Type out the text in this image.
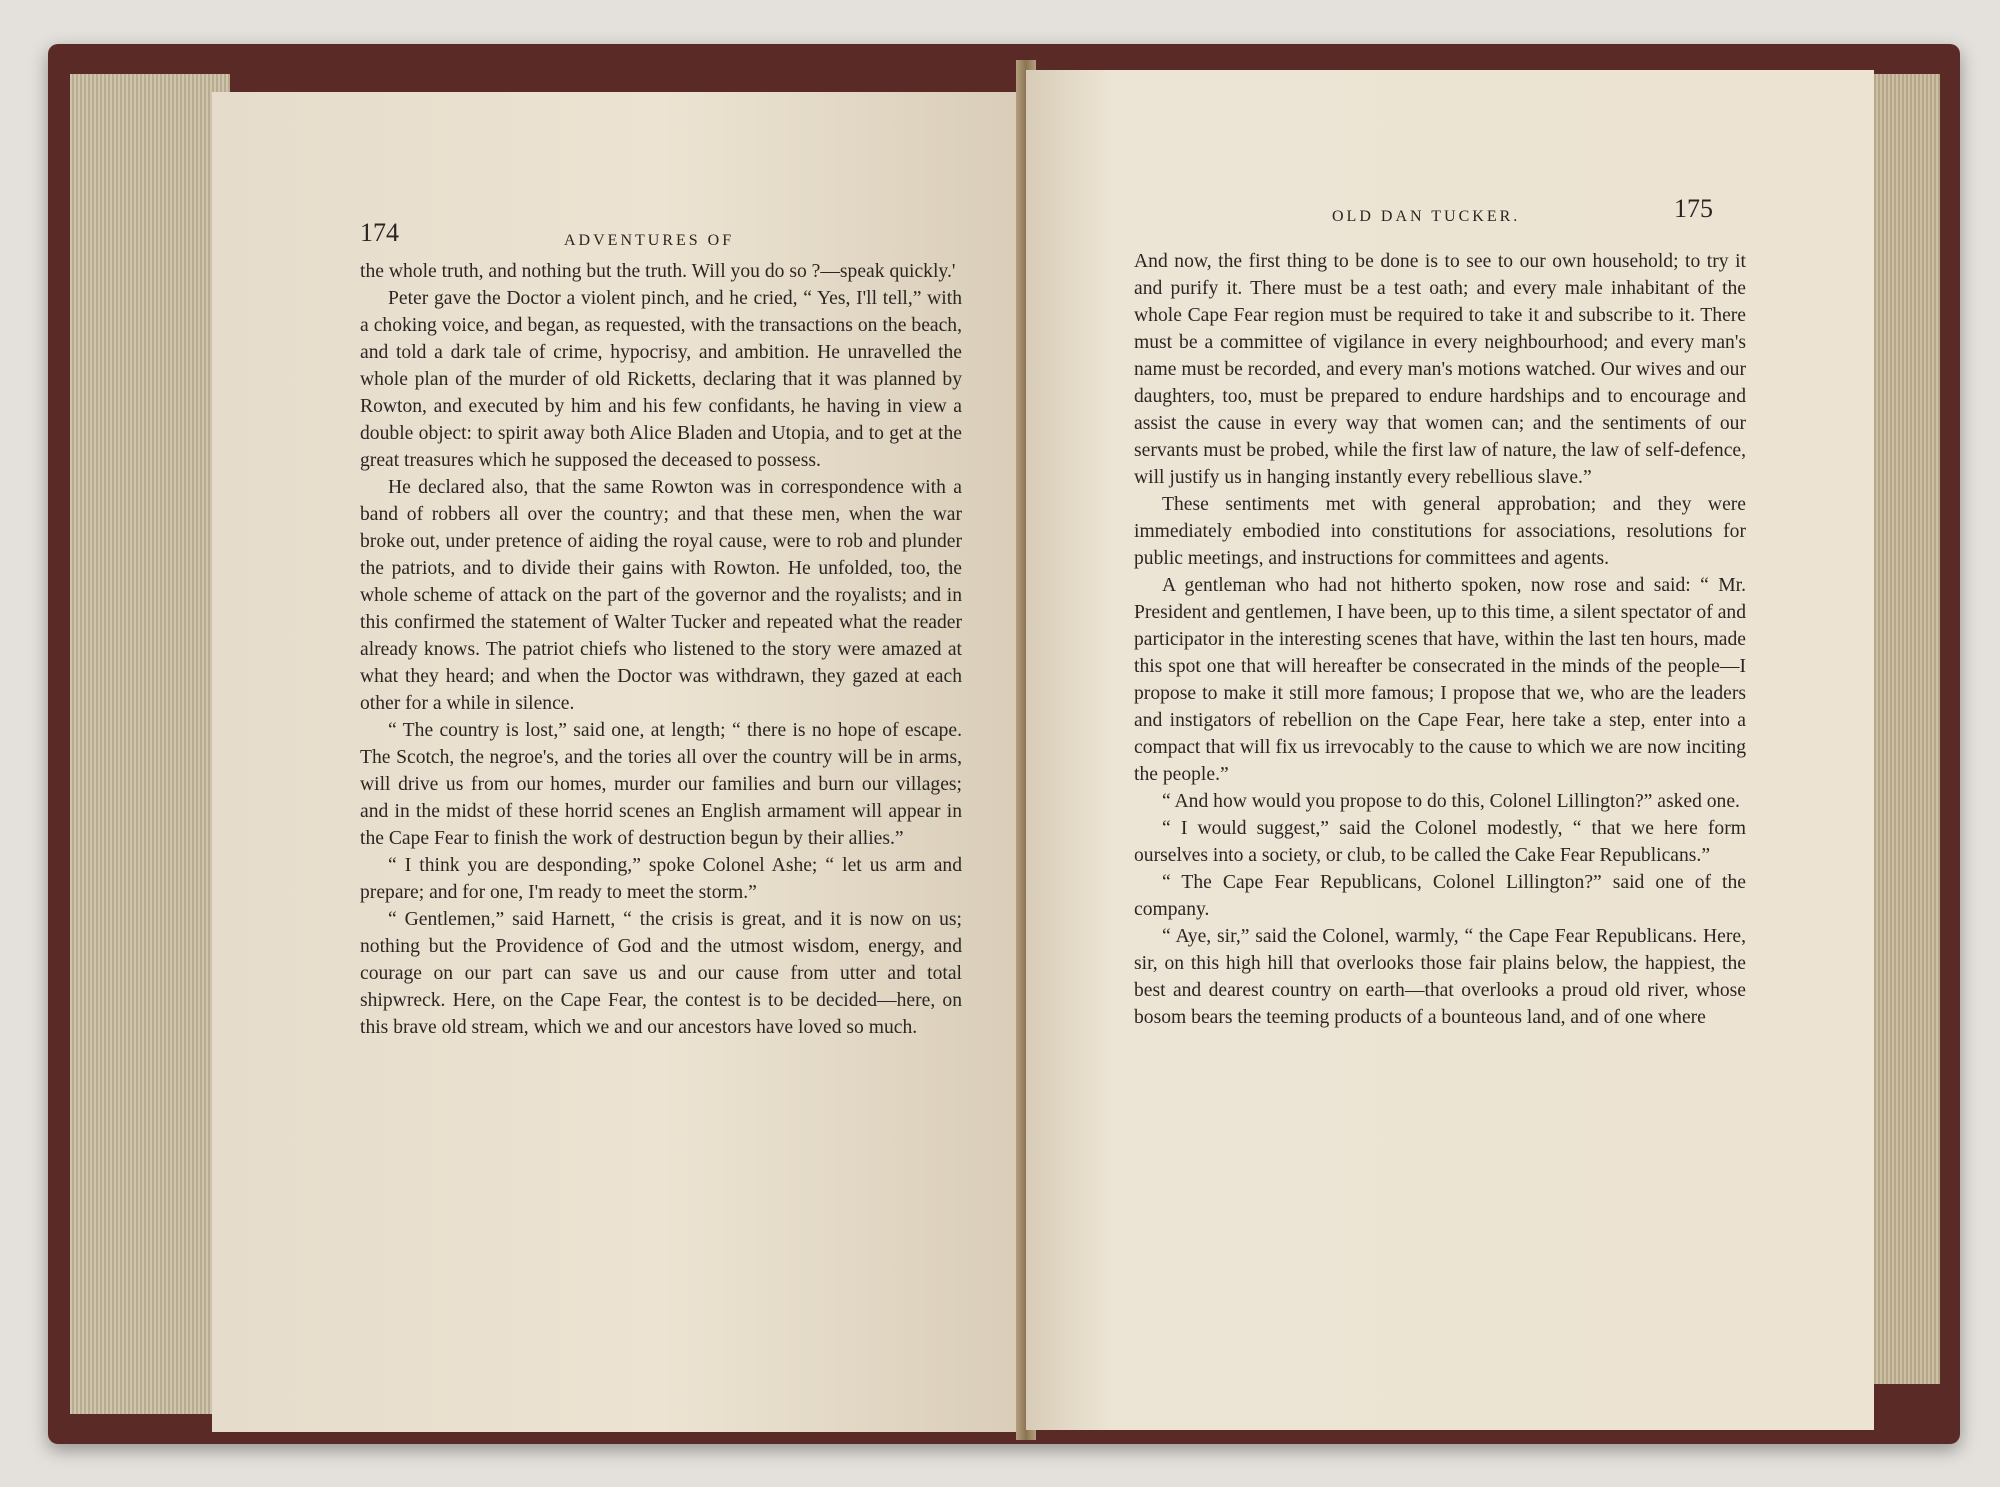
174	ADVENTURES OF

the whole truth, and nothing but the truth. Will you do so ?—speak quickly.'

Peter gave the Doctor a violent pinch, and he cried, “ Yes, I'll tell,” with a choking voice, and began, as requested, with the transactions on the beach, and told a dark tale of crime, hypocrisy, and ambition. He unravelled the whole plan of the murder of old Ricketts, declaring that it was planned by Rowton, and executed by him and his few confidants, he having in view a double object: to spirit away both Alice Bladen and Utopia, and to get at the great treasures which he supposed the deceased to possess.

He declared also, that the same Rowton was in correspondence with a band of robbers all over the country; and that these men, when the war broke out, under pretence of aiding the royal cause, were to rob and plunder the patriots, and to divide their gains with Rowton. He unfolded, too, the whole scheme of attack on the part of the governor and the royalists; and in this confirmed the statement of Walter Tucker and repeated what the reader already knows. The patriot chiefs who listened to the story were amazed at what they heard; and when the Doctor was withdrawn, they gazed at each other for a while in silence.

“ The country is lost,” said one, at length; “ there is no hope of escape. The Scotch, the negroe's, and the tories all over the country will be in arms, will drive us from our homes, murder our families and burn our villages; and in the midst of these horrid scenes an English armament will appear in the Cape Fear to finish the work of destruction begun by their allies.”

“ I think you are desponding,” spoke Colonel Ashe; “ let us arm and prepare; and for one, I'm ready to meet the storm.”

“ Gentlemen,” said Harnett, “ the crisis is great, and it is now on us; nothing but the Providence of God and the utmost wisdom, energy, and courage on our part can save us and our cause from utter and total shipwreck. Here, on the Cape Fear, the contest is to be decided—here, on this brave old stream, which we and our ancestors have loved so much.

OLD DAN TUCKER.	175

And now, the first thing to be done is to see to our own household; to try it and purify it. There must be a test oath; and every male inhabitant of the whole Cape Fear region must be required to take it and subscribe to it. There must be a committee of vigilance in every neighbourhood; and every man's name must be recorded, and every man's motions watched. Our wives and our daughters, too, must be prepared to endure hardships and to encourage and assist the cause in every way that women can; and the sentiments of our servants must be probed, while the first law of nature, the law of self-defence, will justify us in hanging instantly every rebellious slave.”

These sentiments met with general approbation; and they were immediately embodied into constitutions for associations, resolutions for public meetings, and instructions for committees and agents.

A gentleman who had not hitherto spoken, now rose and said: “ Mr. President and gentlemen, I have been, up to this time, a silent spectator of and participator in the interesting scenes that have, within the last ten hours, made this spot one that will hereafter be consecrated in the minds of the people—I propose to make it still more famous; I propose that we, who are the leaders and instigators of rebellion on the Cape Fear, here take a step, enter into a compact that will fix us irrevocably to the cause to which we are now inciting the people.”

“ And how would you propose to do this, Colonel Lillington?” asked one.

“ I would suggest,” said the Colonel modestly, “ that we here form ourselves into a society, or club, to be called the Cake Fear Republicans.”

“ The Cape Fear Republicans, Colonel Lillington?” said one of the company.

“ Aye, sir,” said the Colonel, warmly, “ the Cape Fear Republicans. Here, sir, on this high hill that overlooks those fair plains below, the happiest, the best and dearest country on earth—that overlooks a proud old river, whose bosom bears the teeming products of a bounteous land, and of one where
